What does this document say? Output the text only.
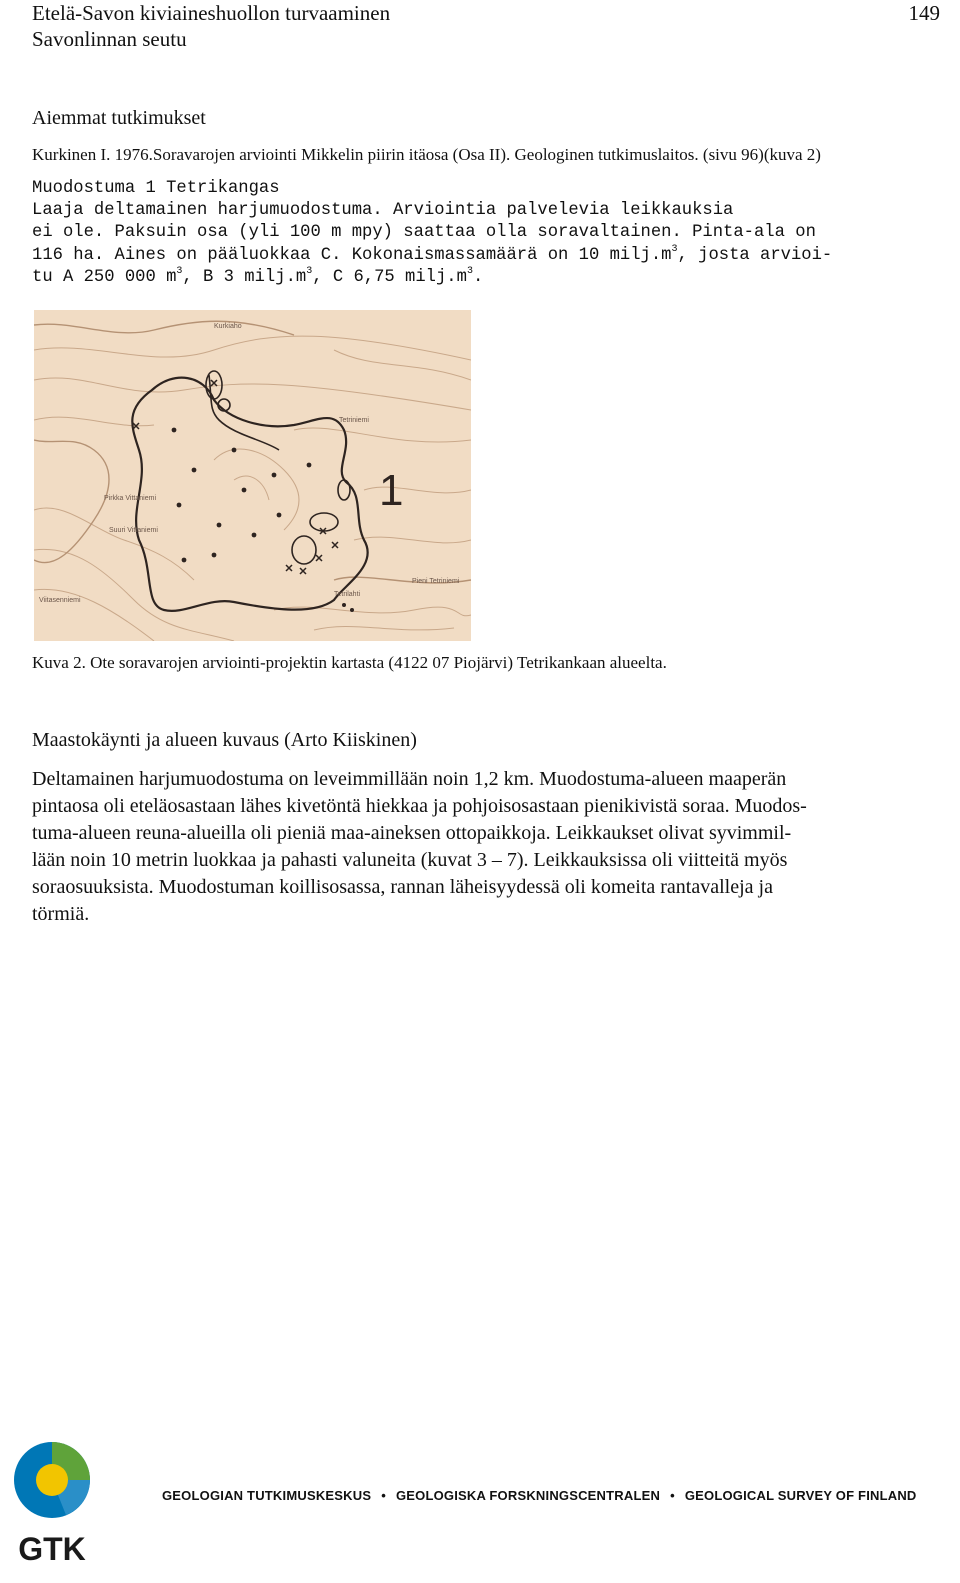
Etelä-Savon kiviaineshuollon turvaaminen
Savonlinnan seutu
149
Aiemmat tutkimukset
Kurkinen I. 1976.Soravarojen arviointi Mikkelin piirin itäosa (Osa II). Geologinen tutkimuslaitos. (sivu 96)(kuva 2)
Muodostuma 1 Tetrikangas
Laaja deltamainen harjumuodostuma. Arviointia palvelevia leikkauksia
ei ole. Paksuin osa (yli 100 m mpy) saattaa olla soravaltainen. Pinta-ala on
116 ha. Aines on pääluokkaa C. Kokonaismassamäärä on 10 $milj.m^3$, josta arvioi-
tu A 250 000 $m^3$, B 3 $milj.m^3$, C 6,75 $milj.m^3$.
Kurkiaho
Tetriniemi
Pirkka Vittaniemi
Suuri Vittaniemi
Viitasenniemi
Pieni Tetriniemi
Tetrilahti
1
Kuva 2. Ote soravarojen arviointi-projektin kartasta (4122 07 Piojärvi) Tetrikankaan alueelta.
Maastokäynti ja alueen kuvaus (Arto Kiiskinen)
Deltamainen harjumuodostuma on leveimmillään noin 1,2 km. Muodostuma-alueen maaperän
pintaosa oli eteläosastaan lähes kivetöntä hiekkaa ja pohjoisosastaan pienikivistä soraa. Muodos-
tuma-alueen reuna-alueilla oli pieniä maa-aineksen ottopaikkoja. Leikkaukset olivat syvimmil-
lään noin 10 metrin luokkaa ja pahasti valuneita (kuvat 3 – 7). Leikkauksissa oli viitteitä myös
soraosuuksista. Muodostuman koillisosassa, rannan läheisyydessä oli komeita rantavalleja ja
törmiä.
GTK
GEOLOGIAN TUTKIMUSKESKUS • GEOLOGISKA FORSKNINGSCENTRALEN • GEOLOGICAL SURVEY OF FINLAND
